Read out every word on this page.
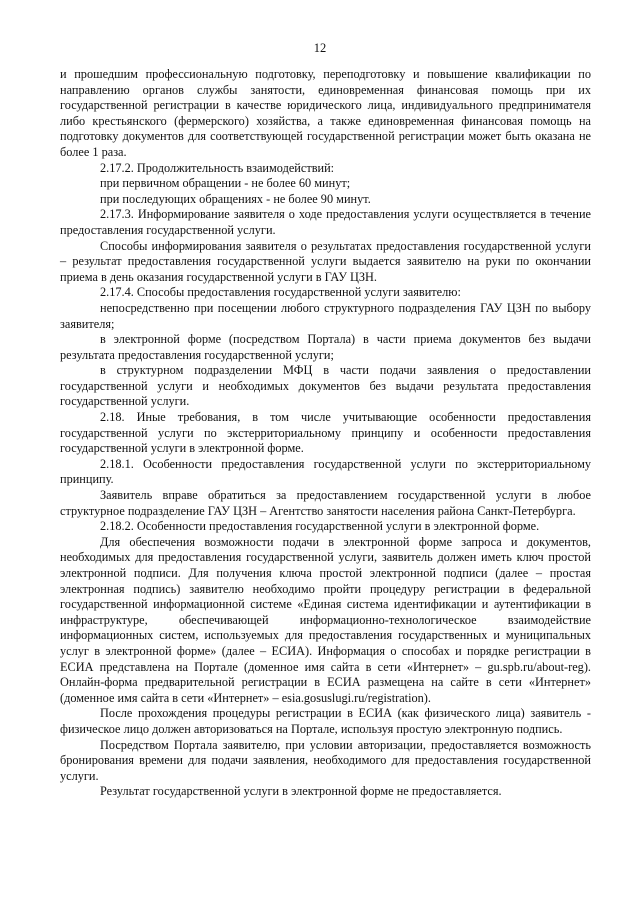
12

и прошедшим профессиональную подготовку, переподготовку и повышение квалификации по направлению органов службы занятости, единовременная финансовая помощь при их государственной регистрации в качестве юридического лица, индивидуального предпринимателя либо крестьянского (фермерского) хозяйства, а также единовременная финансовая помощь на подготовку документов для соответствующей государственной регистрации может быть оказана не более 1 раза.

2.17.2. Продолжительность взаимодействий:

при первичном обращении - не более 60 минут;

при последующих обращениях - не более 90 минут.

2.17.3. Информирование заявителя о ходе предоставления услуги осуществляется в течение предоставления государственной услуги.

Способы информирования заявителя о результатах предоставления государственной услуги – результат предоставления государственной услуги выдается заявителю на руки по окончании приема в день оказания государственной услуги в ГАУ ЦЗН.

2.17.4. Способы предоставления государственной услуги заявителю:

непосредственно при посещении любого структурного подразделения ГАУ ЦЗН по выбору заявителя;

в электронной форме (посредством Портала) в части приема документов без выдачи результата предоставления государственной услуги;

в структурном подразделении МФЦ в части подачи заявления о предоставлении государственной услуги и необходимых документов без выдачи результата предоставления государственной услуги.

2.18. Иные требования, в том числе учитывающие особенности предоставления государственной услуги по экстерриториальному принципу и особенности предоставления государственной услуги в электронной форме.

2.18.1. Особенности предоставления государственной услуги по экстерриториальному принципу.

Заявитель вправе обратиться за предоставлением государственной услуги в любое структурное подразделение ГАУ ЦЗН – Агентство занятости населения района Санкт-Петербурга.

2.18.2. Особенности предоставления государственной услуги в электронной форме.

Для обеспечения возможности подачи в электронной форме запроса и документов, необходимых для предоставления государственной услуги, заявитель должен иметь ключ простой электронной подписи. Для получения ключа простой электронной подписи (далее – простая электронная подпись) заявителю необходимо пройти процедуру регистрации в федеральной государственной информационной системе «Единая система идентификации и аутентификации в инфраструктуре, обеспечивающей информационно-технологическое взаимодействие информационных систем, используемых для предоставления государственных и муниципальных услуг в электронной форме» (далее – ЕСИА). Информация о способах и порядке регистрации в ЕСИА представлена на Портале (доменное имя сайта в сети «Интернет» – gu.spb.ru/about-reg). Онлайн-форма предварительной регистрации в ЕСИА размещена на сайте в сети «Интернет» (доменное имя сайта в сети «Интернет» – esia.gosuslugi.ru/registration).

После прохождения процедуры регистрации в ЕСИА (как физического лица) заявитель - физическое лицо должен авторизоваться на Портале, используя простую электронную подпись.

Посредством Портала заявителю, при условии авторизации, предоставляется возможность бронирования времени для подачи заявления, необходимого для предоставления государственной услуги.

Результат государственной услуги в электронной форме не предоставляется.
